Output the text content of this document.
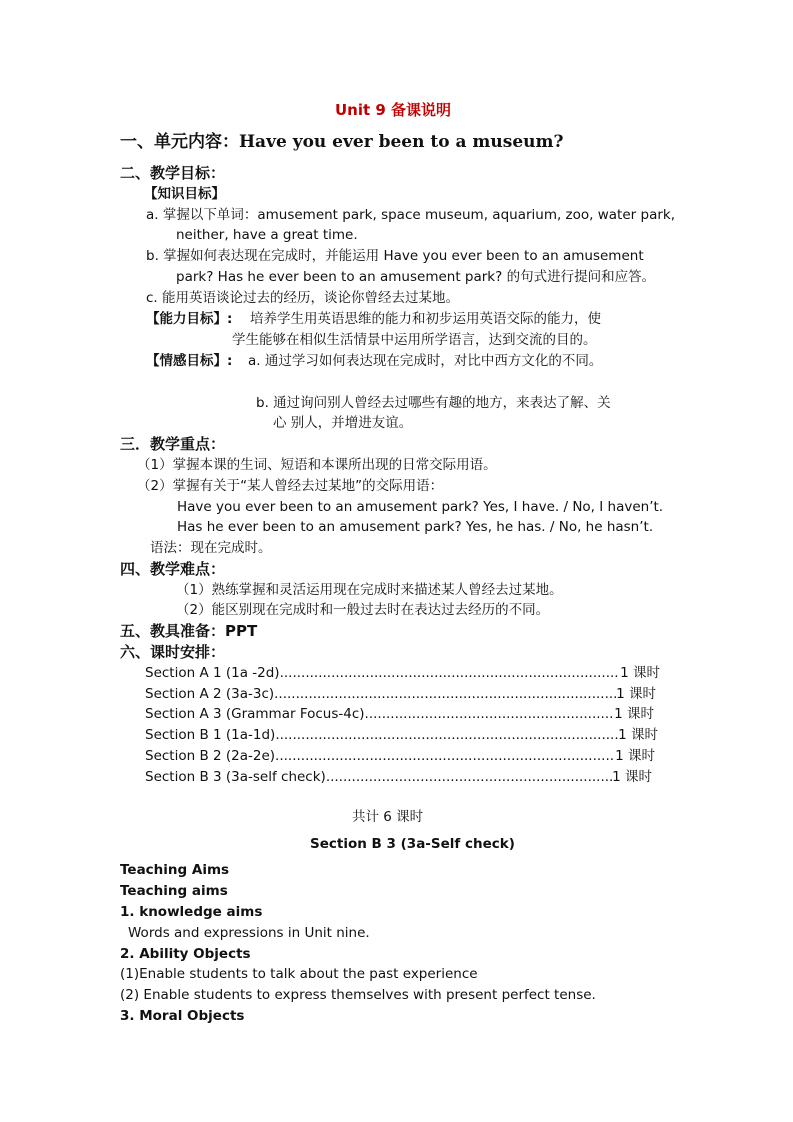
Unit 9 备课说明
一、单元内容：Have you ever been to a museum?
二、教学目标：
【知识目标】
a. 掌握以下单词：amusement park, space museum, aquarium, zoo, water park,
neither, have a great time.
b. 掌握如何表达现在完成时，并能运用 Have you ever been to an amusement
park? Has he ever been to an amusement park? 的句式进行提问和应答。
c. 能用英语谈论过去的经历，谈论你曾经去过某地。
【能力目标】: 培养学生用英语思维的能力和初步运用英语交际的能力，使
学生能够在相似生活情景中运用所学语言，达到交流的目的。
【情感目标】: a. 通过学习如何表达现在完成时，对比中西方文化的不同。
b. 通过询问别人曾经去过哪些有趣的地方，来表达了解、关
心 别人，并增进友谊。
三．教学重点：
（1）掌握本课的生词、短语和本课所出现的日常交际用语。
（2）掌握有关于“某人曾经去过某地”的交际用语：
Have you ever been to an amusement park? Yes, I have. / No, I haven’t.
Has he ever been to an amusement park? Yes, he has. / No, he hasn’t.
语法：现在完成时。
四、教学难点：
（1）熟练掌握和灵活运用现在完成时来描述某人曾经去过某地。
（2）能区别现在完成时和一般过去时在表达过去经历的不同。
五、教具准备：PPT
六、课时安排：
Section A 1 (1a -2d) .....	1 课时
Section A 2 (3a-3c) .....	1 课时
Section A 3 (Grammar Focus-4c) .....	1 课时
Section B 1 (1a-1d) .....	1 课时
Section B 2 (2a-2e) .....	1 课时
Section B 3 (3a-self check) .....	1 课时
共计 6 课时
Section B 3 (3a-Self check)
Teaching Aims
Teaching aims
1. knowledge aims
Words and expressions in Unit nine.
2. Ability Objects
(1)Enable students to talk about the past experience
(2) Enable students to express themselves with present perfect tense.
3. Moral Objects
